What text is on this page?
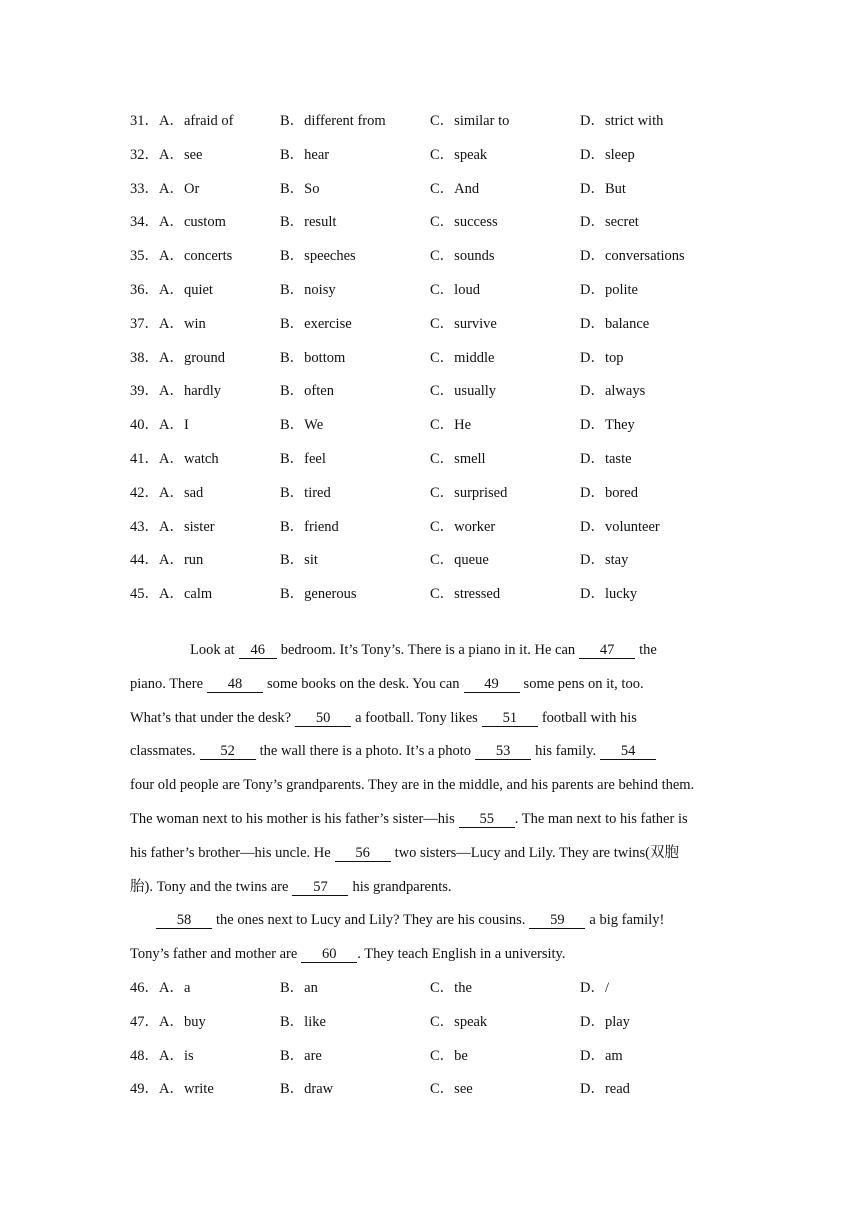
31．A．afraid of	B．different from	C．similar to	D．strict with
32．A．see	B．hear	C．speak	D．sleep
33．A．Or	B．So	C．And	D．But
34．A．custom	B．result	C．success	D．secret
35．A．concerts	B．speeches	C．sounds	D．conversations
36．A．quiet	B．noisy	C．loud	D．polite
37．A．win	B．exercise	C．survive	D．balance
38．A．ground	B．bottom	C．middle	D．top
39．A．hardly	B．often	C．usually	D．always
40．A．I	B．We	C．He	D．They
41．A．watch	B．feel	C．smell	D．taste
42．A．sad	B．tired	C．surprised	D．bored
43．A．sister	B．friend	C．worker	D．volunteer
44．A．run	B．sit	C．queue	D．stay
45．A．calm	B．generous	C．stressed	D．lucky
Look at 46 bedroom. It’s Tony’s. There is a piano in it. He can 47 the
piano. There 48 some books on the desk. You can 49 some pens on it, too.
What’s that under the desk? 50 a football. Tony likes 51 football with his
classmates. 52 the wall there is a photo. It’s a photo 53 his family. 54
four old people are Tony’s grandparents. They are in the middle, and his parents are behind them.
The woman next to his mother is his father’s sister—his 55 . The man next to his father is
his father’s brother—his uncle. He 56 two sisters—Lucy and Lily. They are twins(双胞
胎). Tony and the twins are 57 his grandparents.
58 the ones next to Lucy and Lily? They are his cousins. 59 a big family!
Tony’s father and mother are 60 . They teach English in a university.
46．A．a	B．an	C．the	D．/
47．A．buy	B．like	C．speak	D．play
48．A．is	B．are	C．be	D．am
49．A．write	B．draw	C．see	D．read
